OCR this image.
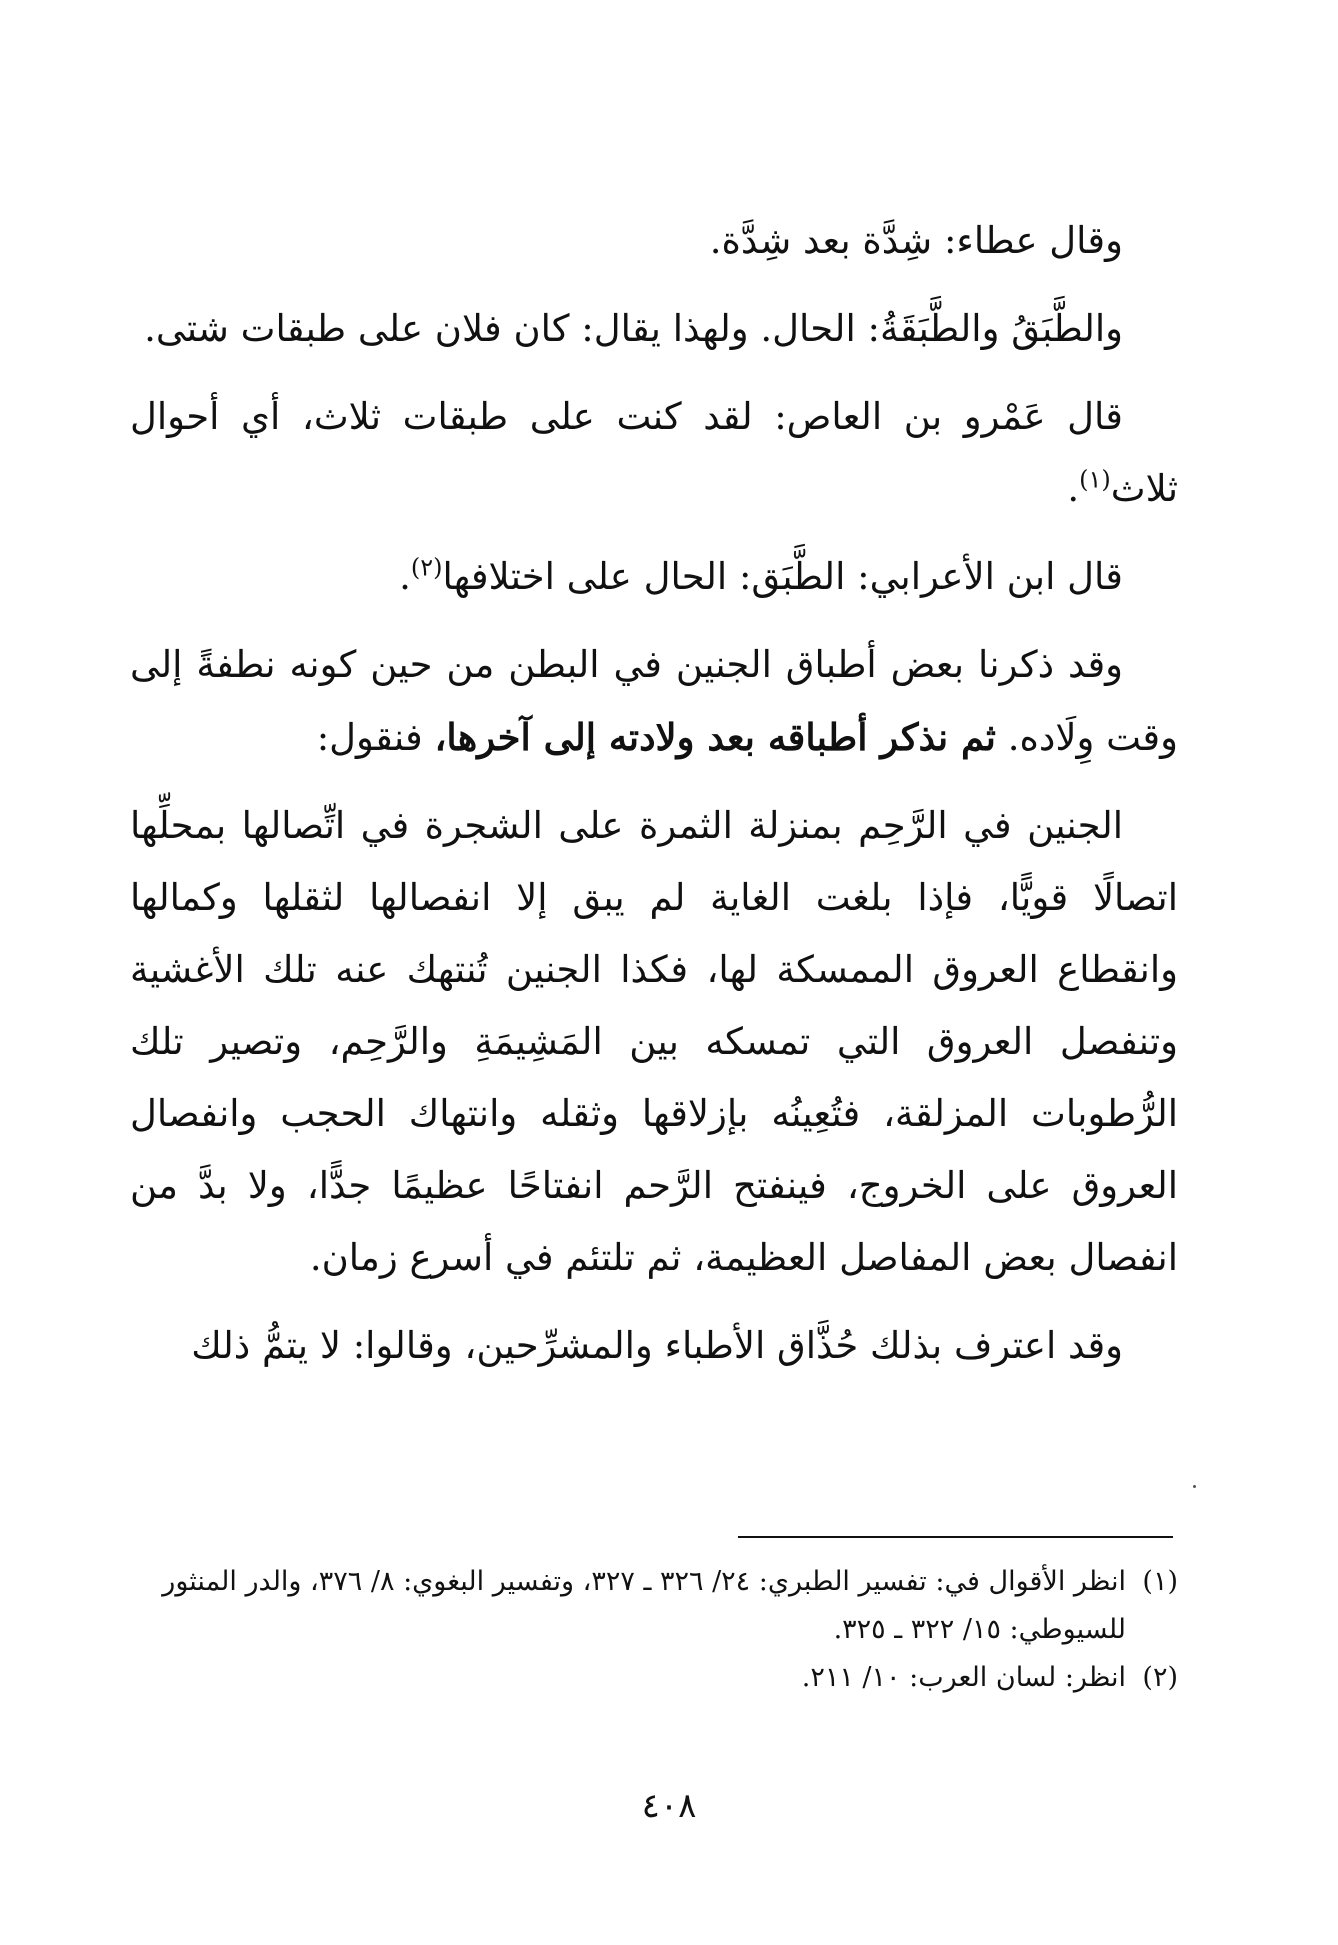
وقال عطاء: شِدَّة بعد شِدَّة.

والطَّبَقُ والطَّبَقَةُ: الحال. ولهذا يقال: كان فلان على طبقات شتى.

قال عَمْرو بن العاص: لقد كنت على طبقات ثلاث، أي أحوال ثلاث$^{(١)}$.

قال ابن الأعرابي: الطَّبَق: الحال على اختلافها$^{(٢)}$.

وقد ذكرنا بعض أطباق الجنين في البطن من حين كونه نطفةً إلى وقت وِلَاده. ثم نذكر أطباقه بعد ولادته إلى آخرها، فنقول:

الجنين في الرَّحِم بمنزلة الثمرة على الشجرة في اتِّصالها بمحلِّها اتصالًا قويًّا، فإذا بلغت الغاية لم يبق إلا انفصالها لثقلها وكمالها وانقطاع العروق الممسكة لها، فكذا الجنين تُنتهك عنه تلك الأغشية وتنفصل العروق التي تمسكه بين المَشِيمَةِ والرَّحِم، وتصير تلك الرُّطوبات المزلقة، فتُعِينُه بإزلاقها وثقله وانتهاك الحجب وانفصال العروق على الخروج، فينفتح الرَّحم انفتاحًا عظيمًا جدًّا، ولا بدَّ من انفصال بعض المفاصل العظيمة، ثم تلتئم في أسرع زمان.

وقد اعترف بذلك حُذَّاق الأطباء والمشرِّحين، وقالوا: لا يتمُّ ذلك

(١)
انظر الأقوال في: تفسير الطبري: ٢٤/ ٣٢٦ ـ ٣٢٧، وتفسير البغوي: ٨/ ٣٧٦، والدر المنثور للسيوطي: ١٥/ ٣٢٢ ـ ٣٢٥.

(٢)
انظر: لسان العرب: ١٠/ ٢١١.

٤٠٨
